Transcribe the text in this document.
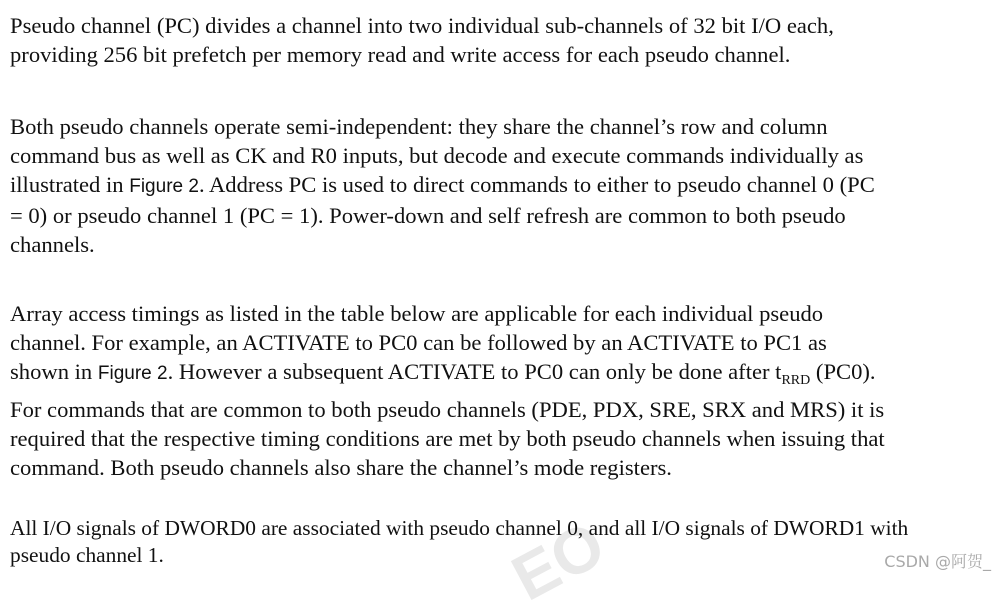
EO

Pseudo channel (PC) divides a channel into two individual sub-channels of 32 bit I/O each,
providing 256 bit prefetch per memory read and write access for each pseudo channel.

Both pseudo channels operate semi-independent: they share the channel’s row and column
command bus as well as CK and R0 inputs, but decode and execute commands individually as
illustrated in Figure 2. Address PC is used to direct commands to either to pseudo channel 0 (PC
= 0) or pseudo channel 1 (PC = 1). Power-down and self refresh are common to both pseudo
channels.

Array access timings as listed in the table below are applicable for each individual pseudo
channel. For example, an ACTIVATE to PC0 can be followed by an ACTIVATE to PC1 as
shown in Figure 2. However a subsequent ACTIVATE to PC0 can only be done after $t_{RRD}$ (PC0).
For commands that are common to both pseudo channels (PDE, PDX, SRE, SRX and MRS) it is
required that the respective timing conditions are met by both pseudo channels when issuing that
command. Both pseudo channels also share the channel’s mode registers.

All I/O signals of DWORD0 are associated with pseudo channel 0, and all I/O signals of DWORD1 with
pseudo channel 1.	CSDN @阿贺_
